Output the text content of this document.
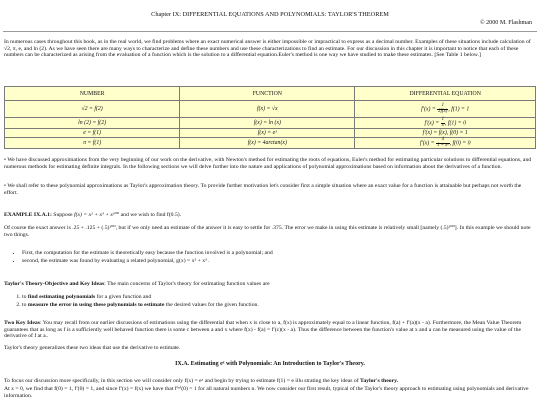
Chapter IX: DIFFERENTIAL EQUATIONS AND POLYNOMIALS: TAYLOR'S THEOREM
© 2000 M. Flashman

In numerous cases throughout this book, as in the real world, we find problems where an exact numerical answer is either impossible or impractical to express as a decimal number. Examples of these situations include calculation of √2, π, e, and ln (2). As we have seen there are many ways to characterize and define these numbers and use these characterizations to find an estimate. For our discussion in this chapter it is important to notice that each of these numbers can be characterized as arising from the evaluation of a function which is the solution to a differential equation.Euler's method is one way we have studied to make these estimates. [See Table 1 below.]

NUMBER	FUNCTION	DIFFERENTIAL EQUATION
√2 = f(2)	f(x) = √x	$f'(x) = \frac{1}{2f(x)}$ , f(1) = 1
ln (2) = f(2)	f(x) = ln (x)	$f'(x) = \frac{1}{x}$ , f(1) = 0
e = f(1)	f(x) = eˣ	f′(x) = f(x), f(0) = 1
π = f(1)	f(x) = 4arctan(x)	$f'(x) = \frac{4}{\text{1 + x²}}$ , f(0) = 0

• We have discussed approximations from the very beginning of our work on the derivative, with Newton's method for estimating the roots of equations, Euler's method for estimating particular solutions to differential equations, and numerous methods for estimating definite integrals. In the following sections we will delve further into the nature and applications of polynomial approximations based on information about the derivatives of a function.

• We shall refer to these polynomial approximations as Taylor's approximation theory. To provide further motivation let's consider first a simple situation where an exact value for a function is attainable but perhaps not worth the effort.

EXAMPLE IX.A.1: Suppose f(x) = x² + x³ + x¹⁰⁰ and we wish to find f(0.5).

Of course the exact answer is .25 + .125 + (.5)¹⁰⁰, but if we only need an estimate of the answer it is easy to settle for .375. The error we make in using this estimate is relatively small [namely (.5)¹⁰⁰]. In this example we should note two things.

• First, the computation for the estimate is theoretically easy because the function involved is a polynomial; and
• second, the estimate was found by evaluating a related polynomial, g(x) = x² + x³ .

Taylor's Theory-Objective and Key Ideas: The main concerns of Taylor's theory for estimating function values are

1. to find estimating polynomials for a given function and
2. to measure the error in using these polynomials to estimate the desired values for the given function.

Two Key Ideas: You may recall from our earlier discussions of estimations using the differential that when x is close to a, f(x) is approximately equal to a linear function, f(a) + f′(a)(x - a). Furthermore, the Mean Value Theorem guarantees that as long as f is a sufficiently well behaved function there is some c between a and x where f(x) - f(a) = f′(c)(x - a). Thus the difference between the function's value at x and a can be measured using the value of the derivative of f at a..

Taylor's theory generalizes these two ideas that use the derivative to estimate.

IX.A. Estimating eˣ with Polynomials: An Introduction to Taylor's Theory.

To focus our discussion more specifically, in this section we will consider only f(x) = eˣ and begin by trying to estimate f(1) = e illu strating the key ideas of Taylor's theory.

At x = 0, we find that f(0) = 1, f′(0) = 1, and since f′(x) = f(x) we have that f⁽ⁿ⁾(0) = 1 for all natural numbers n. We now consider our first result, typical of the Taylor's theory approach to estimating using polynomials and derivative information.
